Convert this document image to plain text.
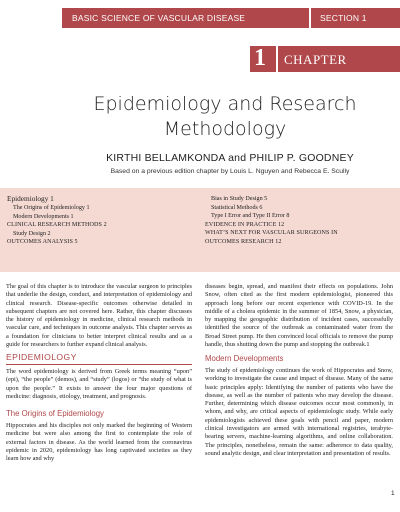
BASIC SCIENCE OF VASCULAR DISEASE	SECTION 1
1 CHAPTER
Epidemiology and Research
Methodology
KIRTHI BELLAMKONDA and PHILIP P. GOODNEY
Based on a previous edition chapter by Louis L. Nguyen and Rebecca E. Scully
Epidemiology 1
The Origins of Epidemiology 1
Modern Developments 1
CLINICAL RESEARCH METHODS 2
Study Design 2
OUTCOMES ANALYSIS 5
Bias in Study Design 5
Statistical Methods 6
Type I Error and Type II Error 8
EVIDENCE IN PRACTICE 12
WHAT’S NEXT FOR VASCULAR SURGEONS IN
OUTCOMES RESEARCH 12
The goal of this chapter is to introduce the vascular surgeon to principles that underlie the design, conduct, and interpretation of epidemiology and clinical research. Disease-specific outcomes otherwise detailed in subsequent chapters are not covered here. Rather, this chapter discusses the history of epidemiology in medicine, clinical research methods in vascular care, and techniques in outcome analysis. This chapter serves as a foundation for clinicians to better interpret clinical results and as a guide for researchers to further expand clinical analysis.
EPIDEMIOLOGY
The word epidemiology is derived from Greek terms meaning “upon” (epi), “the people” (demos), and “study” (logos) or “the study of what is upon the people.” It exists to answer the four major questions of medicine: diagnosis, etiology, treatment, and prognosis.
The Origins of Epidemiology
Hippocrates and his disciples not only marked the beginning of Western medicine but were also among the first to contemplate the role of external factors in disease. As the world learned from the coronavirus epidemic in 2020, epidemiology has long captivated societies as they learn how and why
diseases begin, spread, and manifest their effects on populations. John Snow, often cited as the first modern epidemiologist, pioneered this approach long before our recent experience with COVID-19. In the middle of a cholera epidemic in the summer of 1854, Snow, a physician, by mapping the geographic distribution of incident cases, successfully identified the source of the outbreak as contaminated water from the Broad Street pump. He then convinced local officials to remove the pump handle, thus shutting down the pump and stopping the outbreak.1
Modern Developments
The study of epidemiology continues the work of Hippocrates and Snow, working to investigate the cause and impact of disease. Many of the same basic principles apply: Identifying the number of patients who have the disease, as well as the number of patients who may develop the disease. Further, determining which disease outcomes occur most commonly, in whom, and why, are critical aspects of epidemiologic study. While early epidemiologists achieved these goals with pencil and paper, modern clinical investigators are armed with international registries, terabyte-bearing servers, machine-learning algorithms, and online collaboration. The principles, nonetheless, remain the same: adherence to data quality, sound analytic design, and clear interpretation and presentation of results.
1
